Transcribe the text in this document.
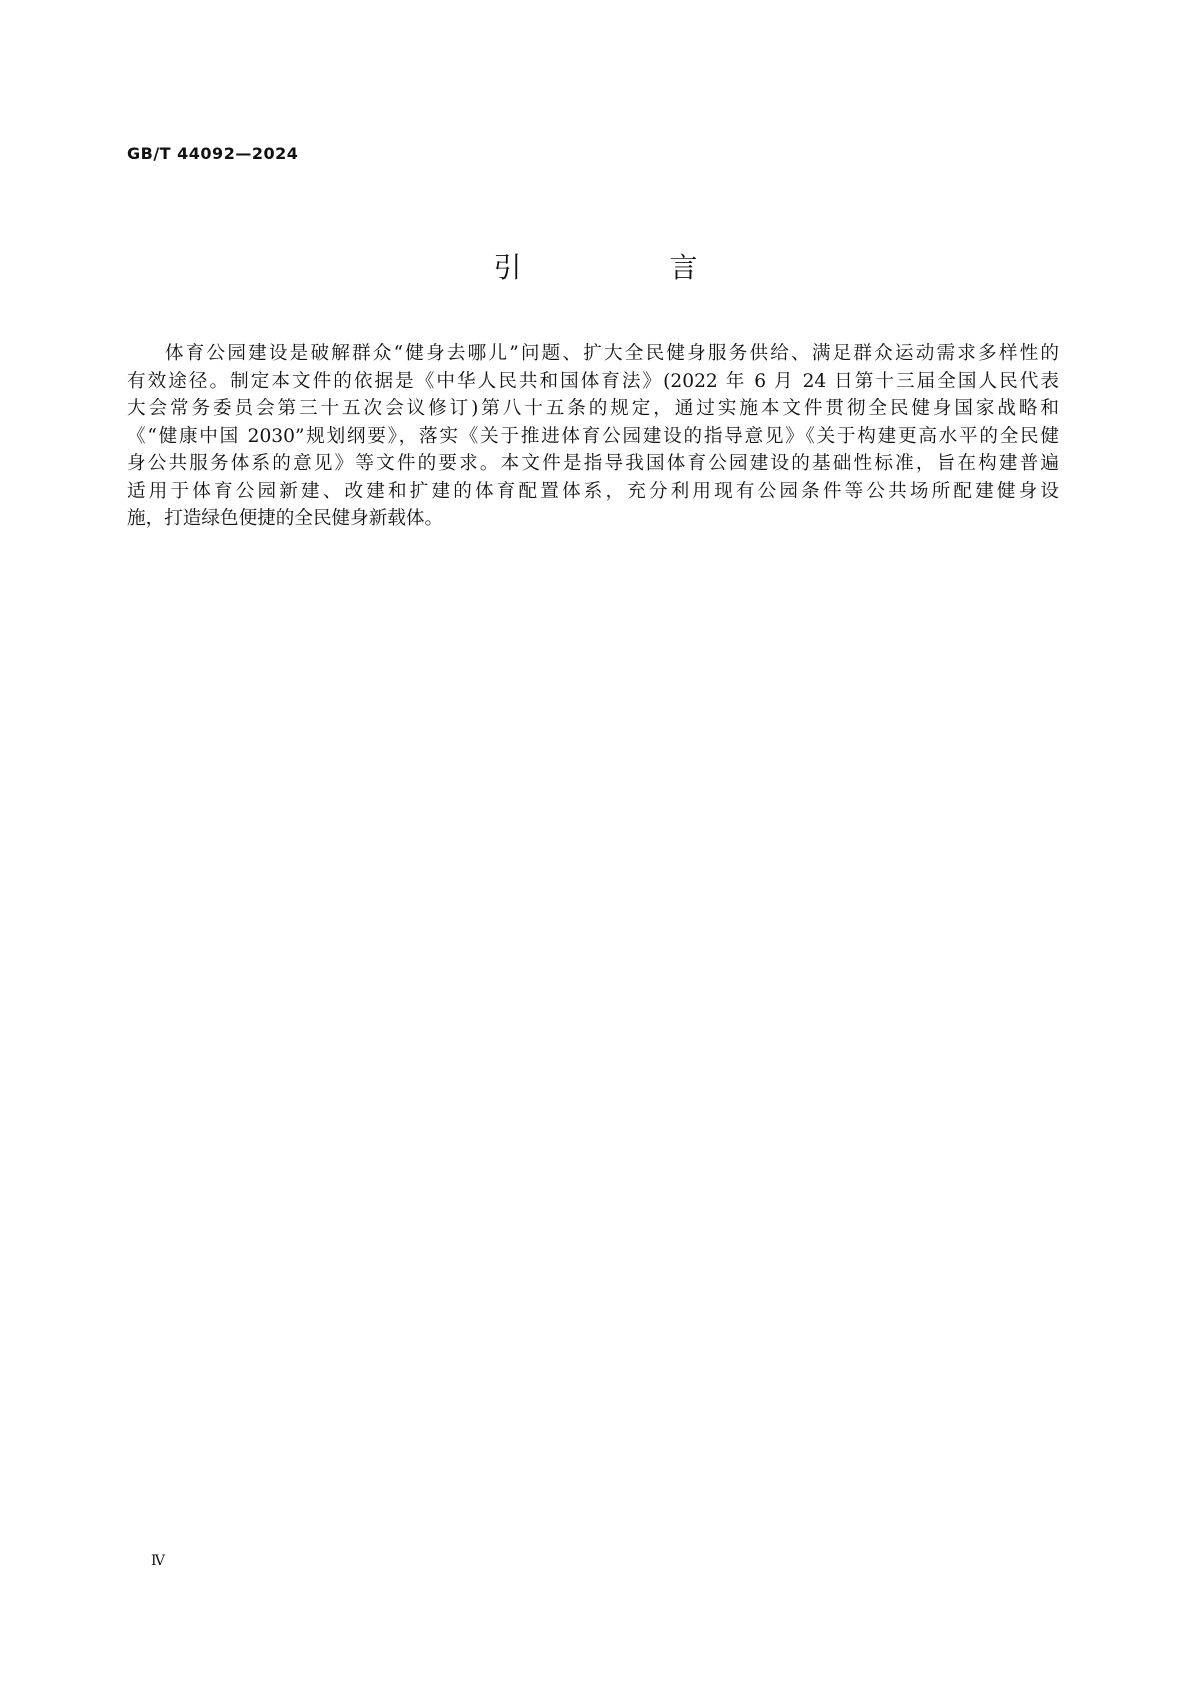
GB/T 44092—2024
引　言
体育公园建设是破解群众“健身去哪儿”问题、扩大全民健身服务供给、满足群众运动需求多样性的
有效途径。制定本文件的依据是《中华人民共和国体育法》(2022 年 6 月 24 日第十三届全国人民代表
大会常务委员会第三十五次会议修订)第八十五条的规定，通过实施本文件贯彻全民健身国家战略和
《“健康中国 2030”规划纲要》，落实《关于推进体育公园建设的指导意见》《关于构建更高水平的全民健
身公共服务体系的意见》等文件的要求。本文件是指导我国体育公园建设的基础性标准，旨在构建普遍
适用于体育公园新建、改建和扩建的体育配置体系，充分利用现有公园条件等公共场所配建健身设
施，打造绿色便捷的全民健身新载体。
Ⅳ
